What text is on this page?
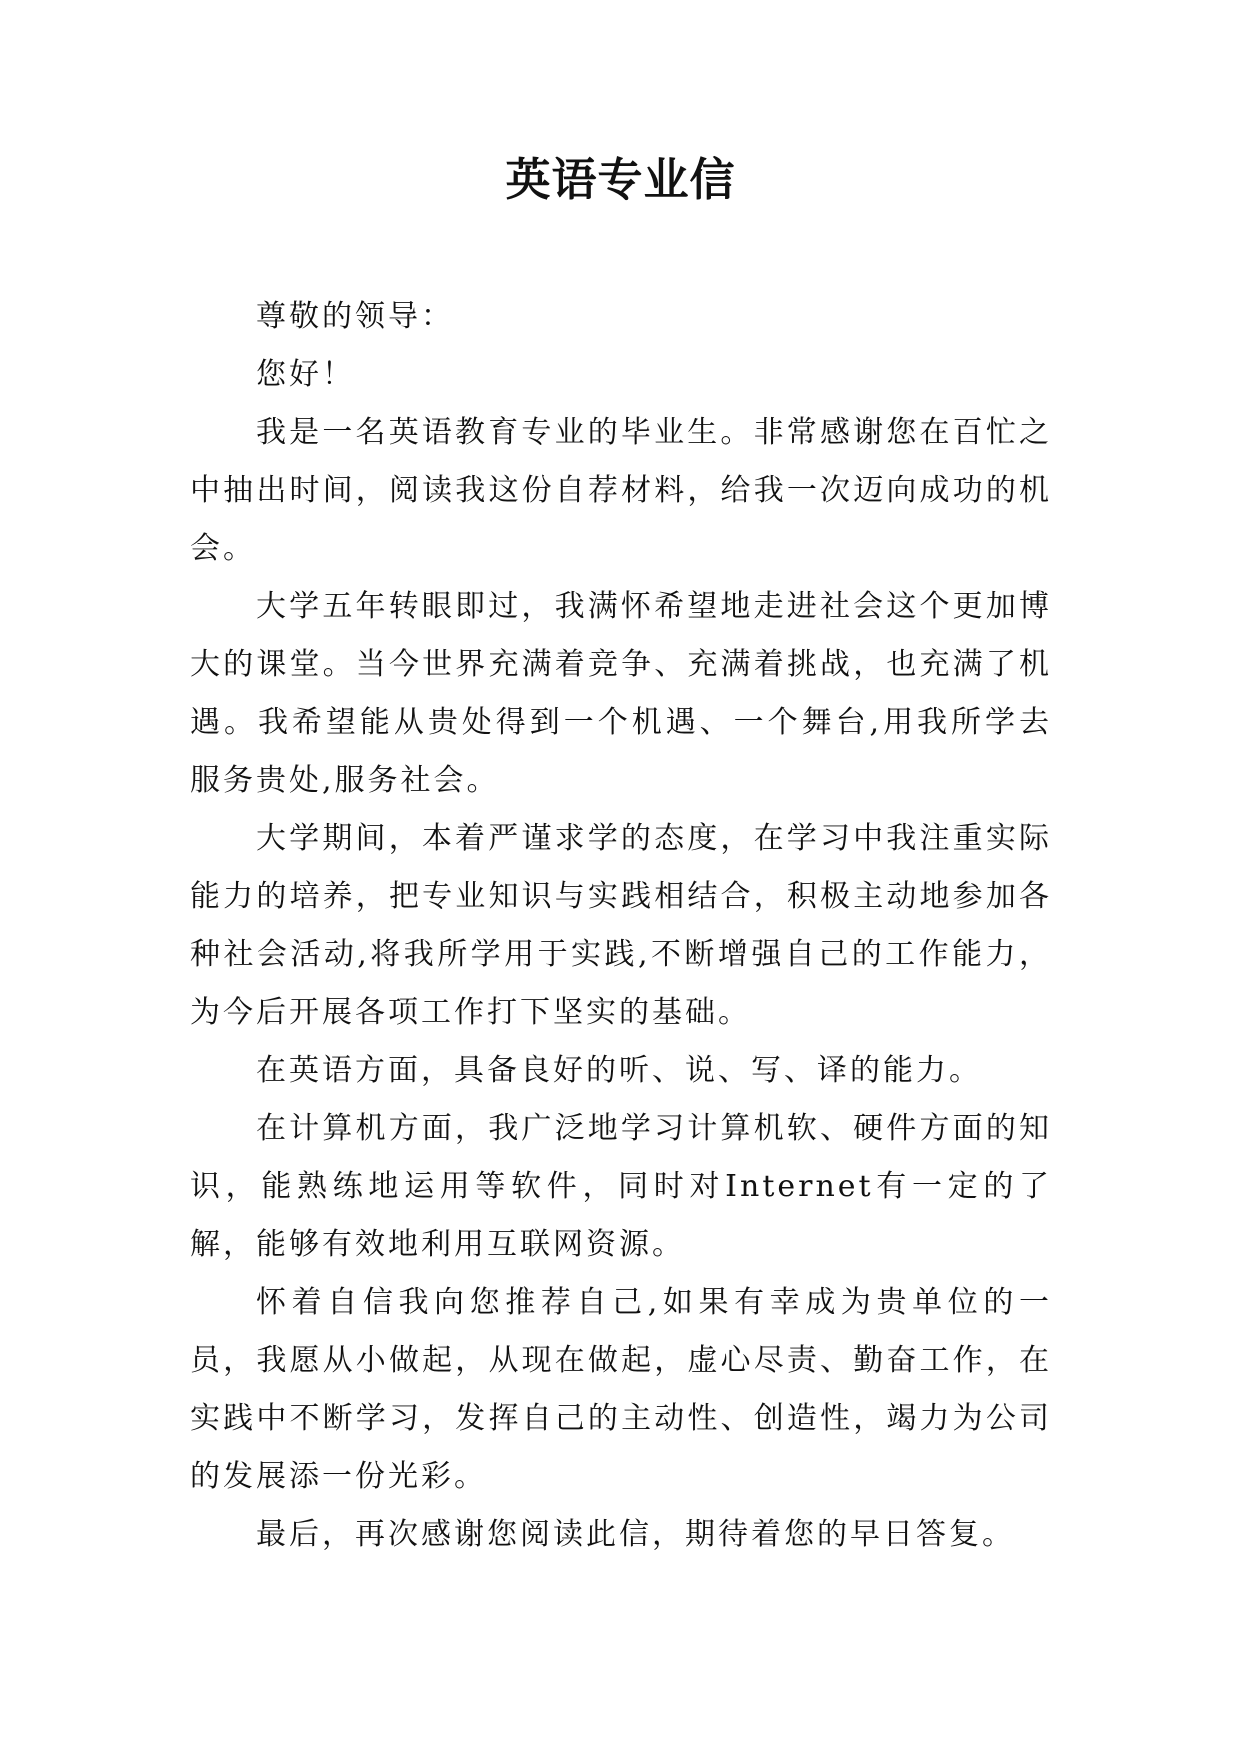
英语专业信

尊敬的领导：

您好！

我是一名英语教育专业的毕业生。非常感谢您在百忙之中抽出时间，阅读我这份自荐材料，给我一次迈向成功的机会。

大学五年转眼即过，我满怀希望地走进社会这个更加博大的课堂。当今世界充满着竞争、充满着挑战，也充满了机遇。我希望能从贵处得到一个机遇、一个舞台,用我所学去服务贵处,服务社会。

大学期间，本着严谨求学的态度，在学习中我注重实际能力的培养，把专业知识与实践相结合，积极主动地参加各种社会活动,将我所学用于实践,不断增强自己的工作能力，为今后开展各项工作打下坚实的基础。

在英语方面，具备良好的听、说、写、译的能力。

在计算机方面，我广泛地学习计算机软、硬件方面的知识，能熟练地运用等软件，同时对Internet有一定的了解，能够有效地利用互联网资源。

怀着自信我向您推荐自己,如果有幸成为贵单位的一员，我愿从小做起，从现在做起，虚心尽责、勤奋工作，在实践中不断学习，发挥自己的主动性、创造性，竭力为公司的发展添一份光彩。

最后，再次感谢您阅读此信，期待着您的早日答复。
